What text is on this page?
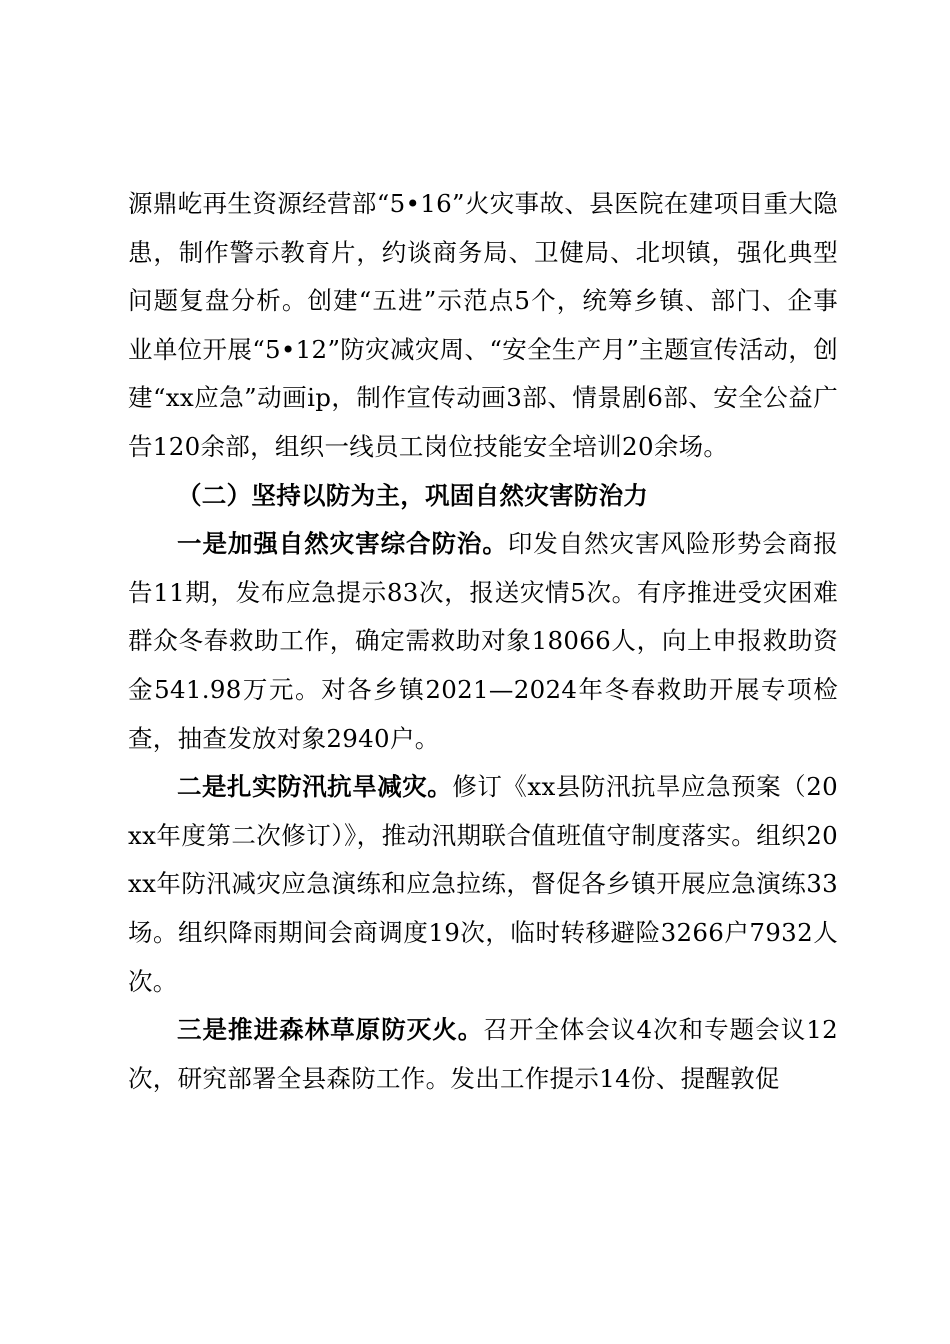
源鼎屹再生资源经营部“5•16”火灾事故、县医院在建项目重大隐患，制作警示教育片，约谈商务局、卫健局、北坝镇，强化典型问题复盘分析。创建“五进”示范点5个，统筹乡镇、部门、企事业单位开展“5•12”防灾减灾周、“安全生产月”主题宣传活动，创建“xx应急”动画ip，制作宣传动画3部、情景剧6部、安全公益广告120余部，组织一线员工岗位技能安全培训20余场。

（二）坚持以防为主，巩固自然灾害防治力

一是加强自然灾害综合防治。印发自然灾害风险形势会商报告11期，发布应急提示83次，报送灾情5次。有序推进受灾困难群众冬春救助工作，确定需救助对象18066人，向上申报救助资金541.98万元。对各乡镇2021—2024年冬春救助开展专项检查，抽查发放对象2940户。

二是扎实防汛抗旱减灾。修订《xx县防汛抗旱应急预案（20xx年度第二次修订）》，推动汛期联合值班值守制度落实。组织20xx年防汛减灾应急演练和应急拉练，督促各乡镇开展应急演练33场。组织降雨期间会商调度19次，临时转移避险3266户7932人次。

三是推进森林草原防灭火。召开全体会议4次和专题会议12次，研究部署全县森防工作。发出工作提示14份、提醒敦促
